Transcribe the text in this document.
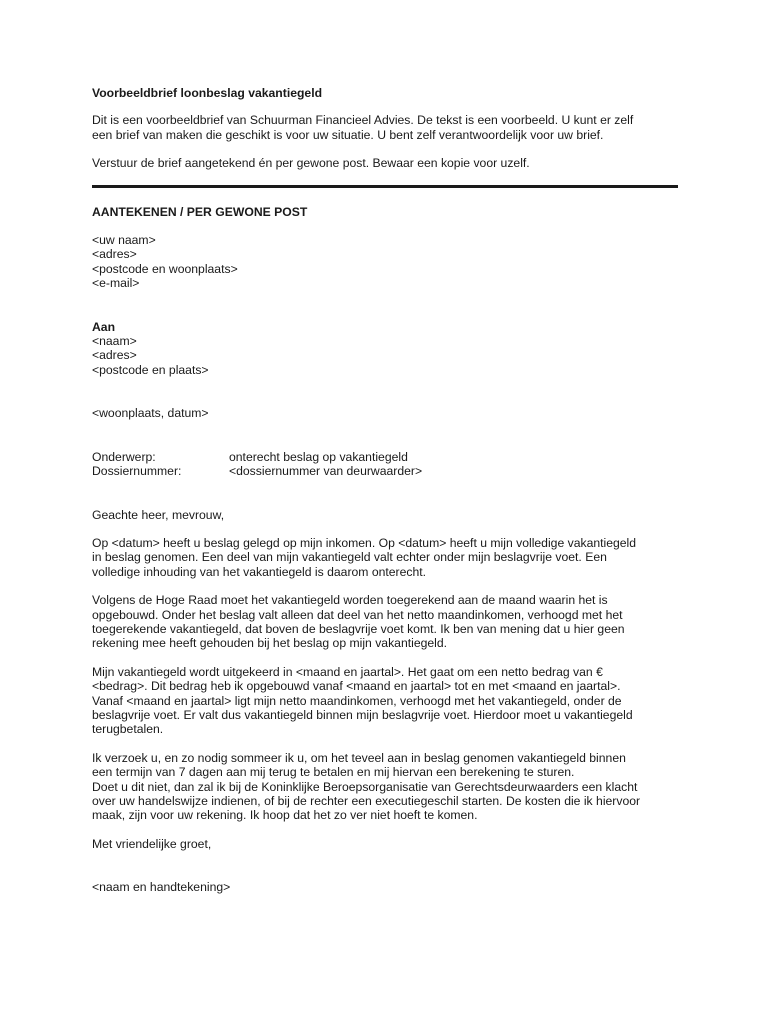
Voorbeeldbrief loonbeslag vakantiegeld

Dit is een voorbeeldbrief van Schuurman Financieel Advies. De tekst is een voorbeeld. U kunt er zelf

een brief van maken die geschikt is voor uw situatie. U bent zelf verantwoordelijk voor uw brief.

Verstuur de brief aangetekend én per gewone post. Bewaar een kopie voor uzelf.

AANTEKENEN / PER GEWONE POST

<uw naam>

<adres>

<postcode en woonplaats>

<e-mail>

Aan

<naam>

<adres>

<postcode en plaats>

<woonplaats, datum>

Onderwerp:	onterecht beslag op vakantiegeld
Dossiernummer:	<dossiernummer van deurwaarder>

Geachte heer, mevrouw,

Op <datum> heeft u beslag gelegd op mijn inkomen. Op <datum> heeft u mijn volledige vakantiegeld

in beslag genomen. Een deel van mijn vakantiegeld valt echter onder mijn beslagvrije voet. Een

volledige inhouding van het vakantiegeld is daarom onterecht.

Volgens de Hoge Raad moet het vakantiegeld worden toegerekend aan de maand waarin het is

opgebouwd. Onder het beslag valt alleen dat deel van het netto maandinkomen, verhoogd met het

toegerekende vakantiegeld, dat boven de beslagvrije voet komt. Ik ben van mening dat u hier geen

rekening mee heeft gehouden bij het beslag op mijn vakantiegeld.

Mijn vakantiegeld wordt uitgekeerd in <maand en jaartal>. Het gaat om een netto bedrag van €

<bedrag>. Dit bedrag heb ik opgebouwd vanaf <maand en jaartal> tot en met <maand en jaartal>.

Vanaf <maand en jaartal> ligt mijn netto maandinkomen, verhoogd met het vakantiegeld, onder de

beslagvrije voet. Er valt dus vakantiegeld binnen mijn beslagvrije voet. Hierdoor moet u vakantiegeld

terugbetalen.

Ik verzoek u, en zo nodig sommeer ik u, om het teveel aan in beslag genomen vakantiegeld binnen

een termijn van 7 dagen aan mij terug te betalen en mij hiervan een berekening te sturen.

Doet u dit niet, dan zal ik bij de Koninklijke Beroepsorganisatie van Gerechtsdeurwaarders een klacht

over uw handelswijze indienen, of bij de rechter een executiegeschil starten. De kosten die ik hiervoor

maak, zijn voor uw rekening. Ik hoop dat het zo ver niet hoeft te komen.

Met vriendelijke groet,

<naam en handtekening>
